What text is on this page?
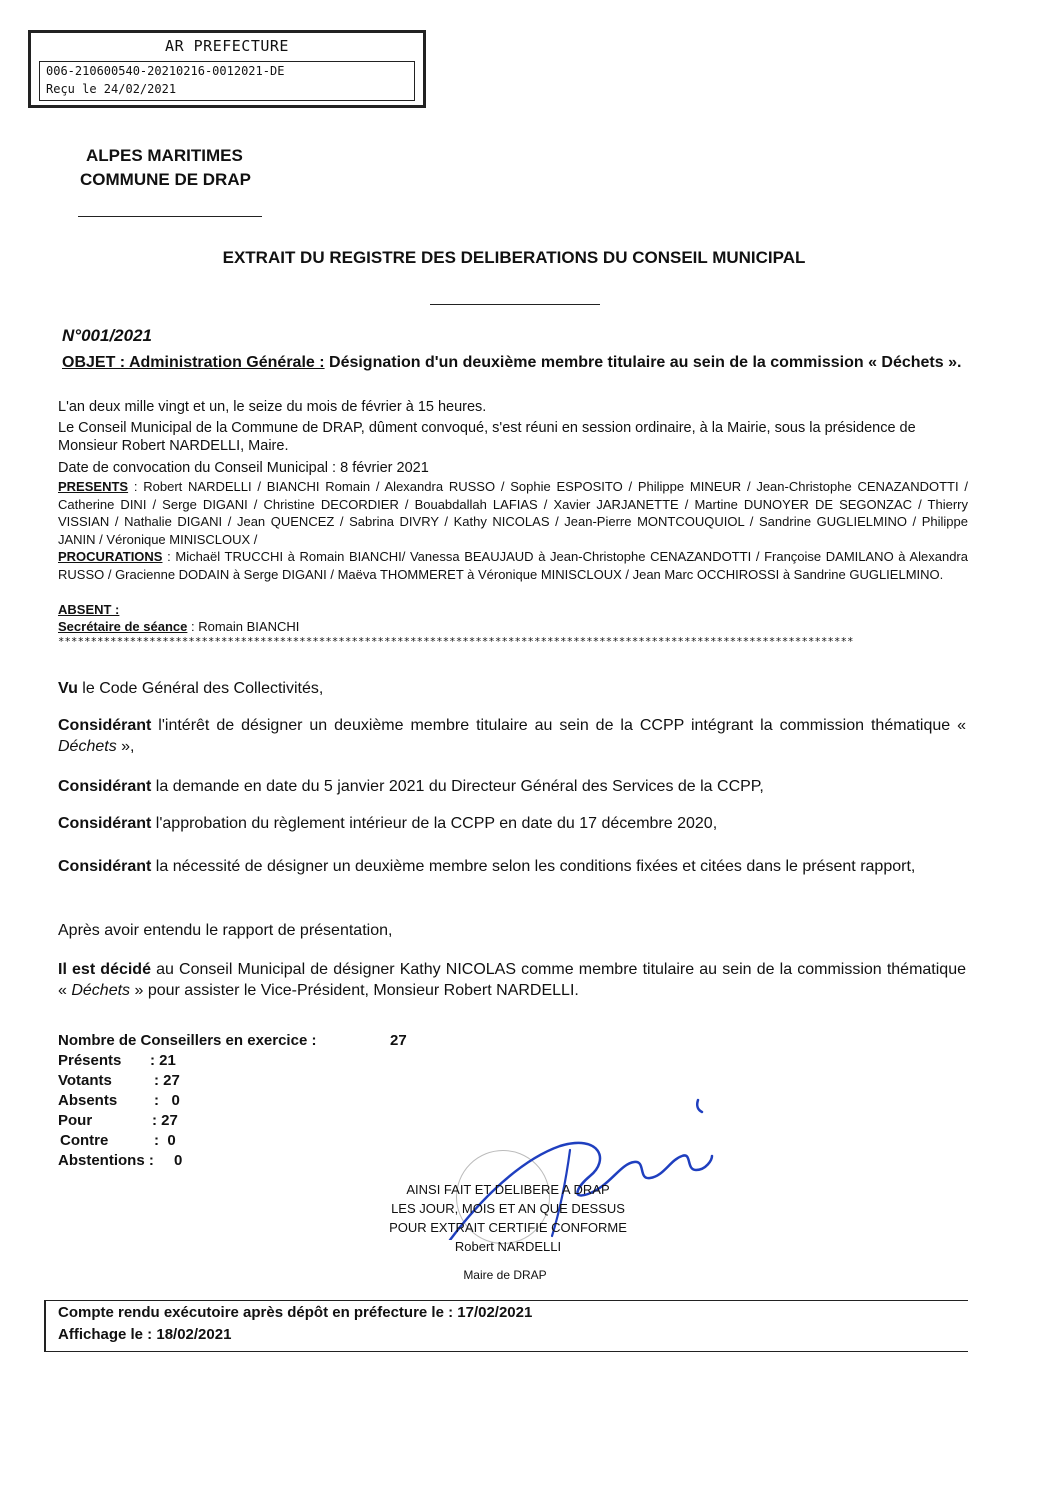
AR PREFECTURE
006-210600540-20210216-0012021-DE
Reçu le 24/02/2021
ALPES MARITIMES
COMMUNE DE DRAP
EXTRAIT DU REGISTRE DES DELIBERATIONS DU CONSEIL MUNICIPAL
N°001/2021
OBJET : Administration Générale : Désignation d'un deuxième membre titulaire au sein de la commission « Déchets ».
L'an deux mille vingt et un, le seize du mois de février à 15 heures.
Le Conseil Municipal de la Commune de DRAP, dûment convoqué, s'est réuni en session ordinaire, à la Mairie, sous la présidence de Monsieur Robert NARDELLI, Maire.
Date de convocation du Conseil Municipal : 8 février 2021
PRESENTS : Robert NARDELLI / BIANCHI Romain / Alexandra RUSSO / Sophie ESPOSITO / Philippe MINEUR / Jean-Christophe CENAZANDOTTI / Catherine DINI / Serge DIGANI / Christine DECORDIER / Bouabdallah LAFIAS / Xavier JARJANETTE / Martine DUNOYER DE SEGONZAC / Thierry VISSIAN / Nathalie DIGANI / Jean QUENCEZ / Sabrina DIVRY / Kathy NICOLAS / Jean-Pierre MONTCOUQUIOL / Sandrine GUGLIELMINO / Philippe JANIN / Véronique MINISCLOUX /
PROCURATIONS : Michaël TRUCCHI à Romain BIANCHI/ Vanessa BEAUJAUD à Jean-Christophe CENAZANDOTTI / Françoise DAMILANO à Alexandra RUSSO / Gracienne DODAIN à Serge DIGANI / Maëva THOMMERET à Véronique MINISCLOUX / Jean Marc OCCHIROSSI à Sandrine GUGLIELMINO.
ABSENT :
Secrétaire de séance : Romain BIANCHI
**************************************************************************************************************************
Vu le Code Général des Collectivités,
Considérant l'intérêt de désigner un deuxième membre titulaire au sein de la CCPP intégrant la commission thématique « Déchets »,
Considérant la demande en date du 5 janvier 2021 du Directeur Général des Services de la CCPP,
Considérant l'approbation du règlement intérieur de la CCPP en date du 17 décembre 2020,
Considérant la nécessité de désigner un deuxième membre selon les conditions fixées et citées dans le présent rapport,
Après avoir entendu le rapport de présentation,
Il est décidé au Conseil Municipal de désigner Kathy NICOLAS comme membre titulaire au sein de la commission thématique « Déchets » pour assister le Vice-Président, Monsieur Robert NARDELLI.
Nombre de Conseillers en exercice :	27
Présents : 21
Votants	: 27
Absents :   0
Pour	: 27
Contre	:  0
Abstentions : 0
AINSI FAIT ET DELIBERE A DRAP
LES JOUR, MOIS ET AN QUE DESSUS
POUR EXTRAIT CERTIFIE CONFORME
Robert NARDELLI
Maire de DRAP
Compte rendu exécutoire après dépôt en préfecture le : 17/02/2021
Affichage le : 18/02/2021
